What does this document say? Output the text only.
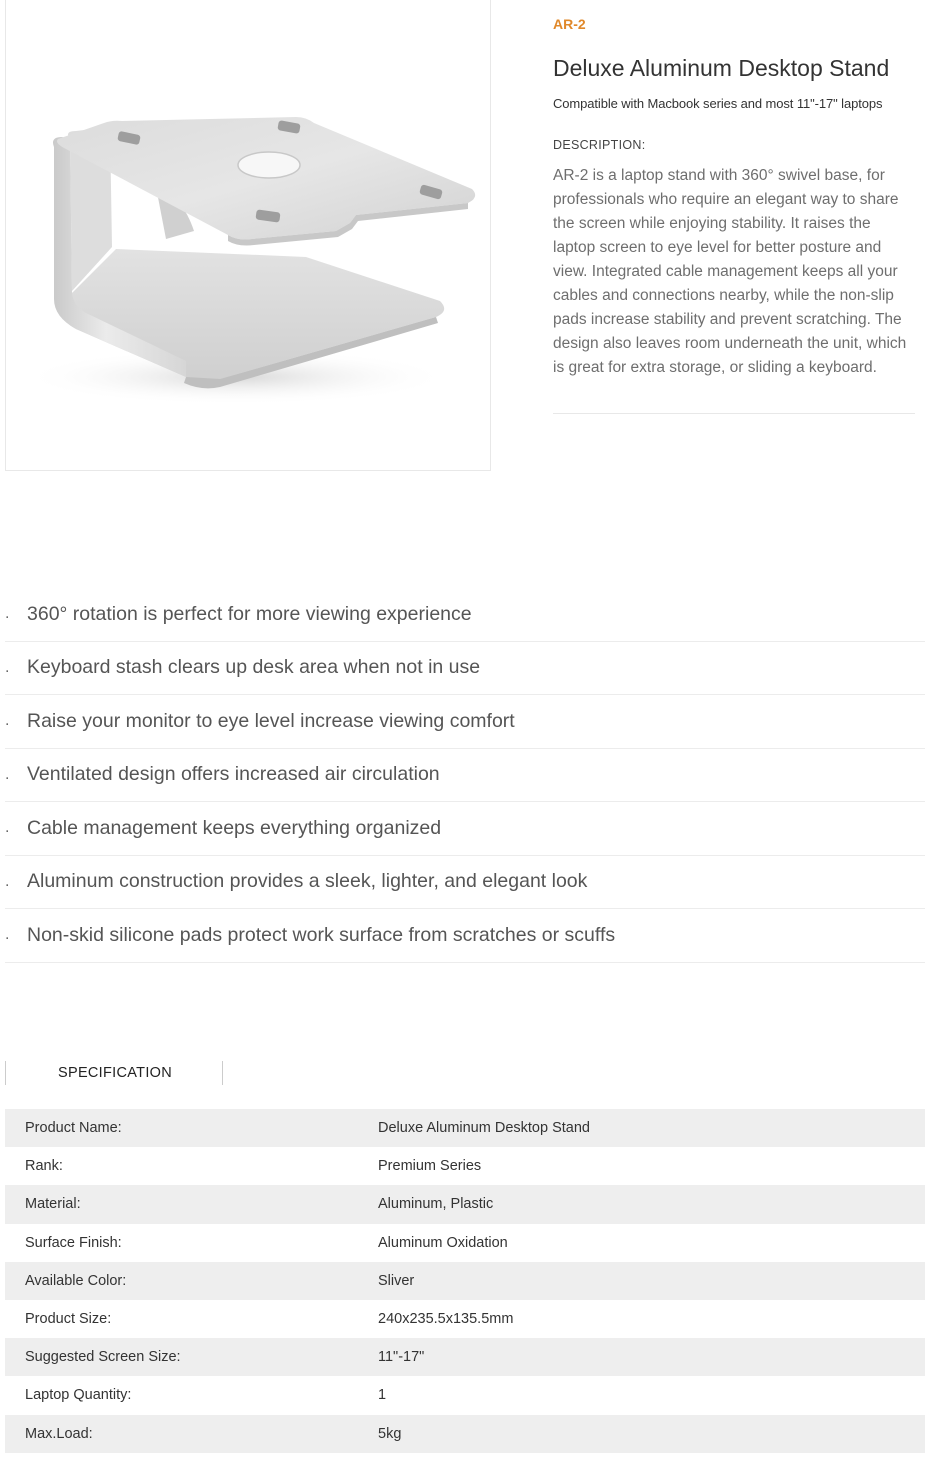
AR-2
Deluxe Aluminum Desktop Stand
Compatible with Macbook series and most 11"-17" laptops
DESCRIPTION:

AR-2 is a laptop stand with 360° swivel base, for professionals who require an elegant way to share the screen while enjoying stability. It raises the laptop screen to eye level for better posture and view. Integrated cable management keeps all your cables and connections nearby, while the non-slip pads increase stability and prevent scratching. The design also leaves room underneath the unit, which is great for extra storage, or sliding a keyboard.

. 360° rotation is perfect for more viewing experience
. Keyboard stash clears up desk area when not in use
. Raise your monitor to eye level increase viewing comfort
. Ventilated design offers increased air circulation
. Cable management keeps everything organized
. Aluminum construction provides a sleek, lighter, and elegant look
. Non-skid silicone pads protect work surface from scratches or scuffs
SPECIFICATION
Product Name:	Deluxe Aluminum Desktop Stand
Rank:	Premium Series
Material:	Aluminum, Plastic
Surface Finish:	Aluminum Oxidation
Available Color:	Sliver
Product Size:	240x235.5x135.5mm
Suggested Screen Size:	11"-17"
Laptop Quantity:	1
Max.Load:	5kg
